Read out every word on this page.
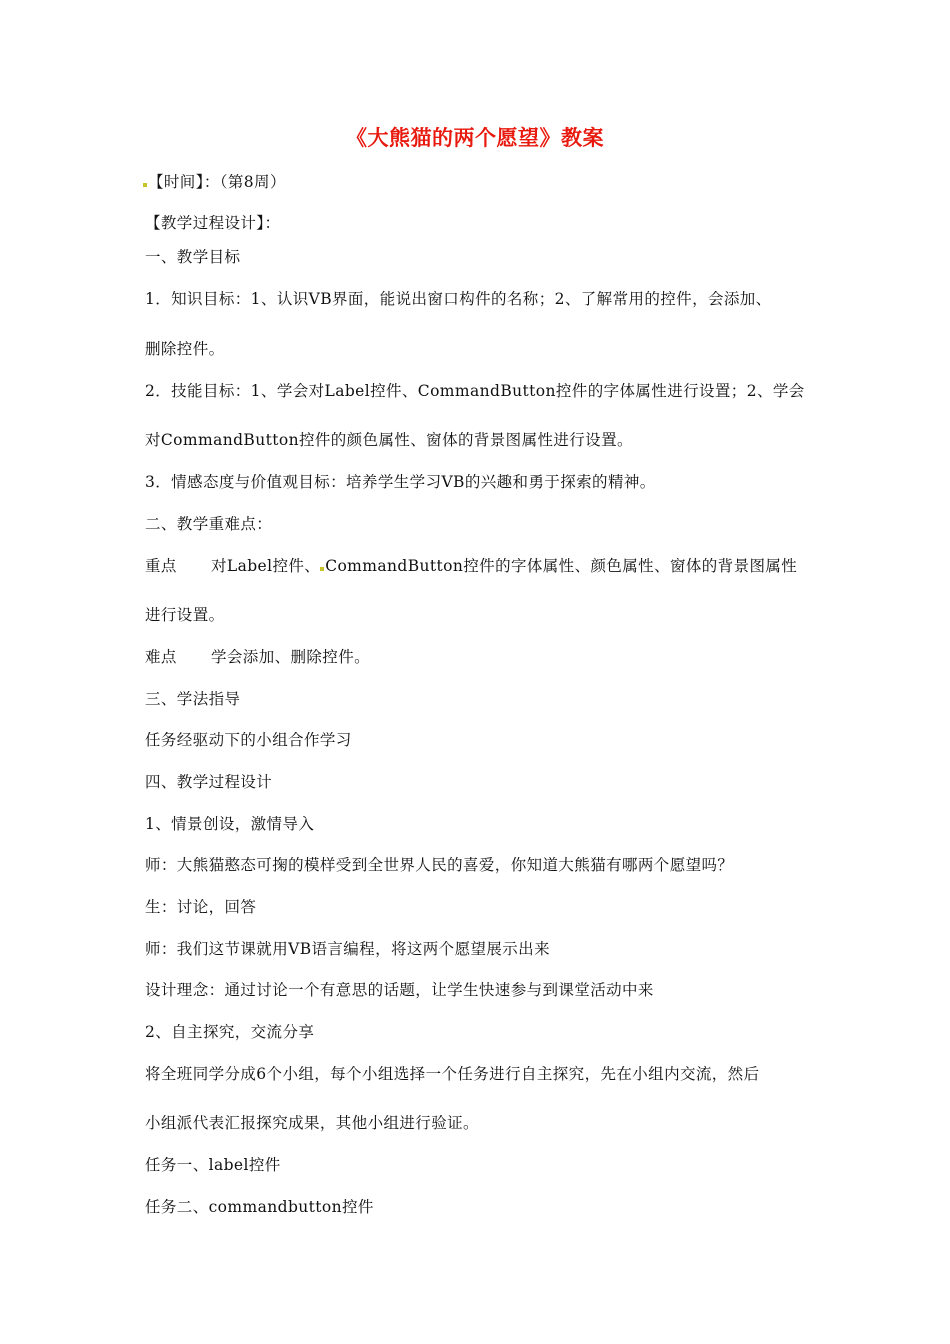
《大熊猫的两个愿望》教案
【时间】：（第8周）
【教学过程设计】：
一、教学目标
1．知识目标：1、认识VB界面，能说出窗口构件的名称；2、了解常用的控件，会添加、
删除控件。
2．技能目标：1、学会对Label控件、CommandButton控件的字体属性进行设置；2、学会
对CommandButton控件的颜色属性、窗体的背景图属性进行设置。
3．情感态度与价值观目标：培养学生学习VB的兴趣和勇于探索的精神。
二、教学重难点：
重点 对Label控件、 CommandButton控件的字体属性、颜色属性、窗体的背景图属性
进行设置。
难点 学会添加、删除控件。
三、学法指导
任务经驱动下的小组合作学习
四、教学过程设计
1、情景创设，激情导入
师：大熊猫憨态可掬的模样受到全世界人民的喜爱，你知道大熊猫有哪两个愿望吗？
生：讨论，回答
师：我们这节课就用VB语言编程，将这两个愿望展示出来
设计理念：通过讨论一个有意思的话题，让学生快速参与到课堂活动中来
2、自主探究，交流分享
将全班同学分成6个小组，每个小组选择一个任务进行自主探究，先在小组内交流，然后
小组派代表汇报探究成果，其他小组进行验证。
任务一、label控件
任务二、commandbutton控件
